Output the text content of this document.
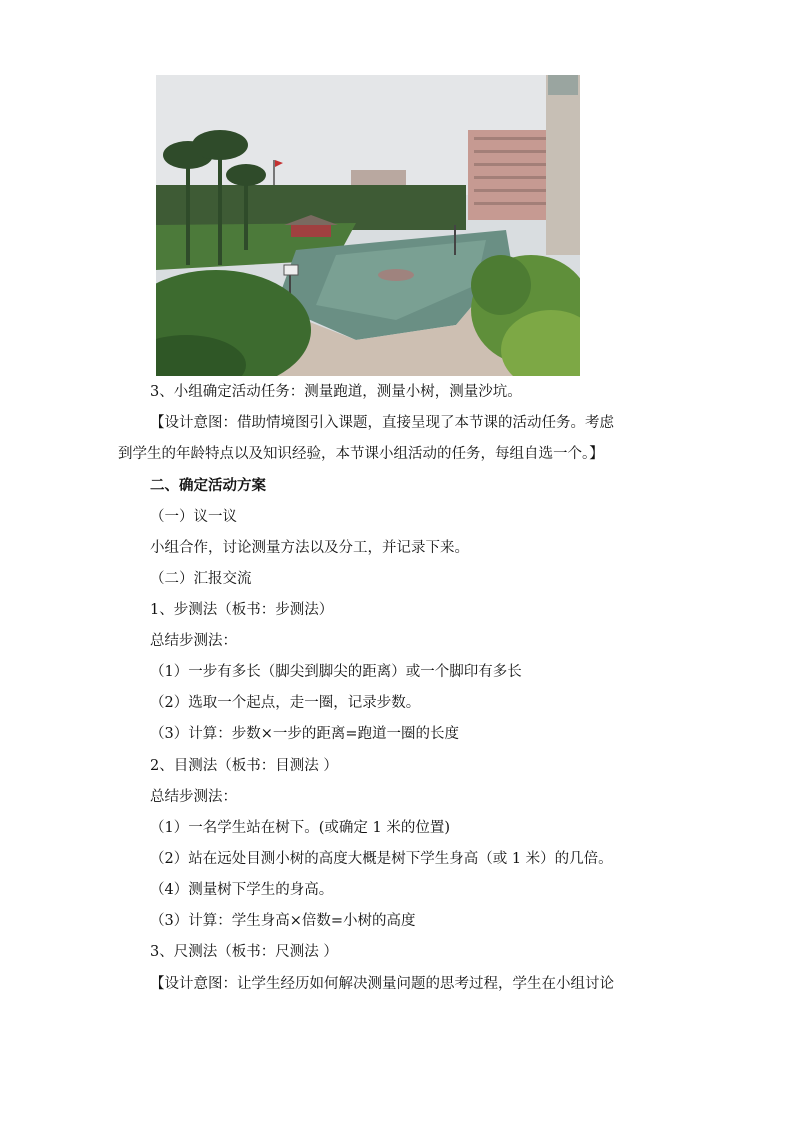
3、小组确定活动任务：测量跑道，测量小树，测量沙坑。
【设计意图：借助情境图引入课题，直接呈现了本节课的活动任务。考虑
到学生的年龄特点以及知识经验，本节课小组活动的任务，每组自选一个。】
二、确定活动方案
（一）议一议
小组合作，讨论测量方法以及分工，并记录下来。
（二）汇报交流
1、步测法（板书：步测法）
总结步测法：
（1）一步有多长（脚尖到脚尖的距离）或一个脚印有多长
（2）选取一个起点，走一圈，记录步数。
（3）计算：步数×一步的距离=跑道一圈的长度
2、目测法（板书：目测法 ）
总结步测法：
（1）一名学生站在树下。(或确定 1 米的位置)
（2）站在远处目测小树的高度大概是树下学生身高（或 1 米）的几倍。
（4）测量树下学生的身高。
（3）计算：学生身高×倍数=小树的高度
3、尺测法（板书：尺测法 ）
【设计意图：让学生经历如何解决测量问题的思考过程，学生在小组讨论
